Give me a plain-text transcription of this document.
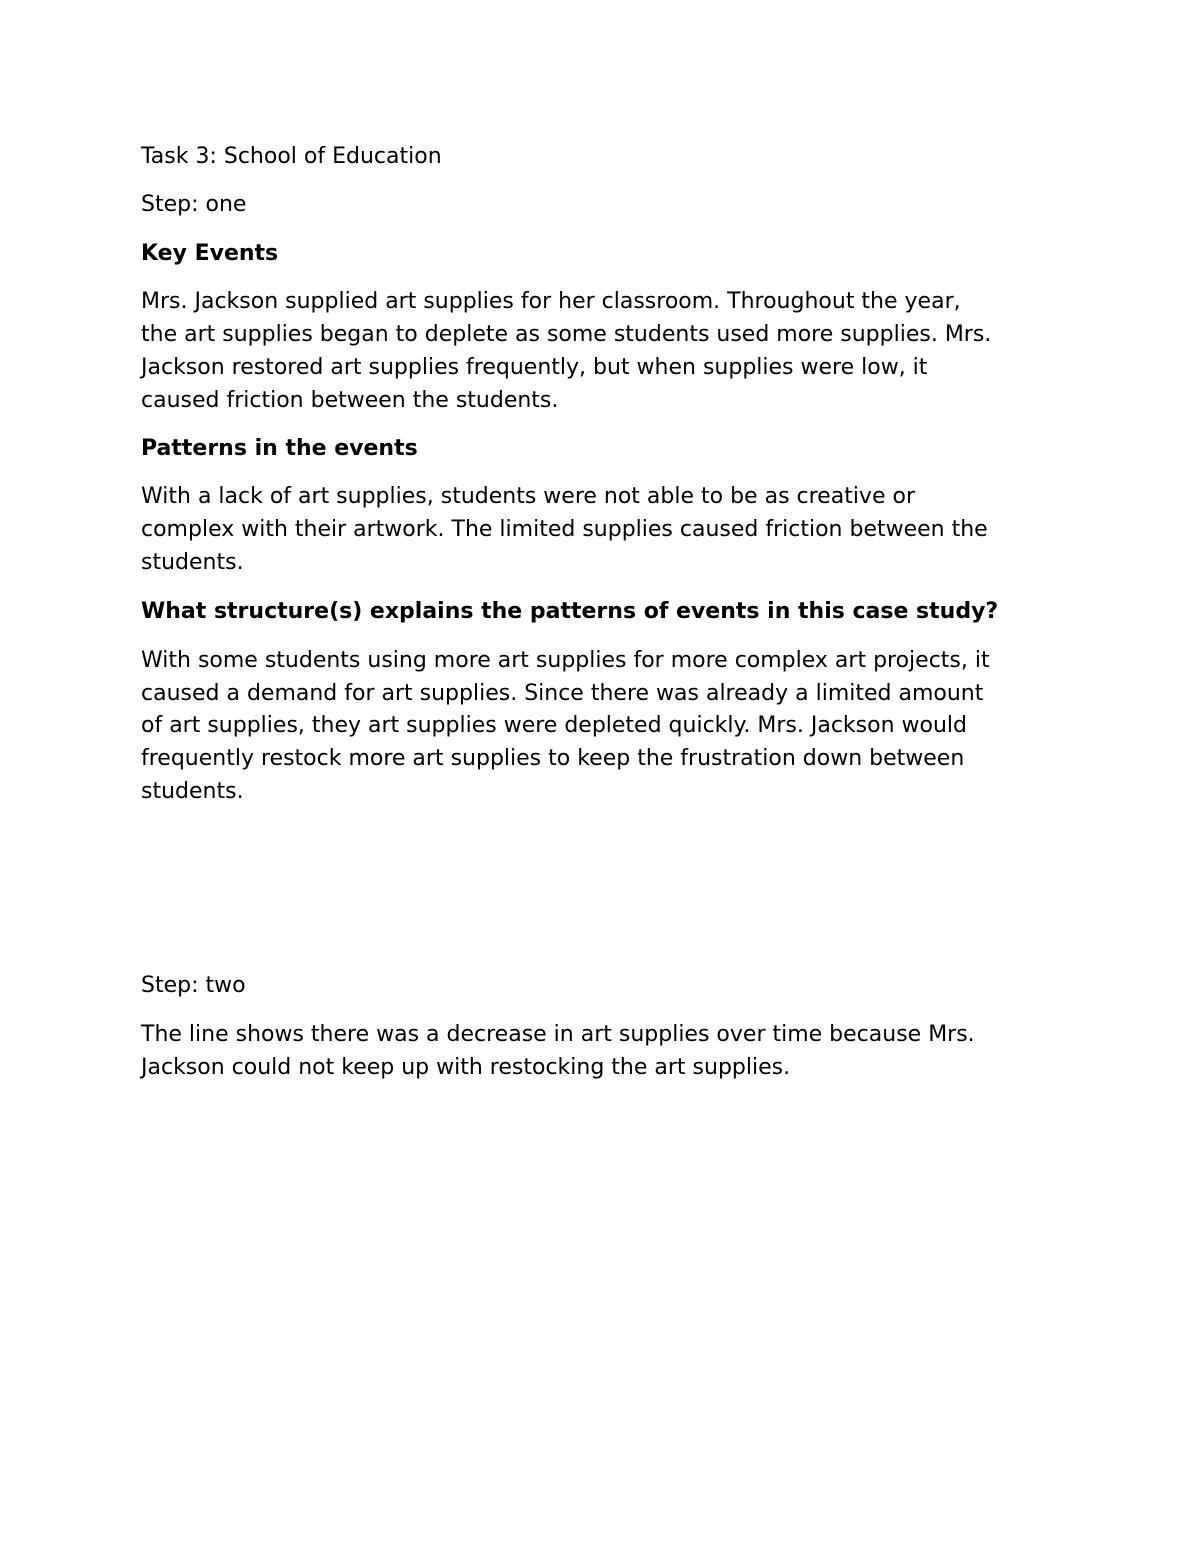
Task 3: School of Education

Step: one

Key Events

Mrs. Jackson supplied art supplies for her classroom. Throughout the year,

the art supplies began to deplete as some students used more supplies. Mrs.

Jackson restored art supplies frequently, but when supplies were low, it

caused friction between the students.

Patterns in the events

With a lack of art supplies, students were not able to be as creative or

complex with their artwork. The limited supplies caused friction between the

students.

What structure(s) explains the patterns of events in this case study?

With some students using more art supplies for more complex art projects, it

caused a demand for art supplies. Since there was already a limited amount

of art supplies, they art supplies were depleted quickly. Mrs. Jackson would

frequently restock more art supplies to keep the frustration down between

students.

Step: two

The line shows there was a decrease in art supplies over time because Mrs.

Jackson could not keep up with restocking the art supplies.
